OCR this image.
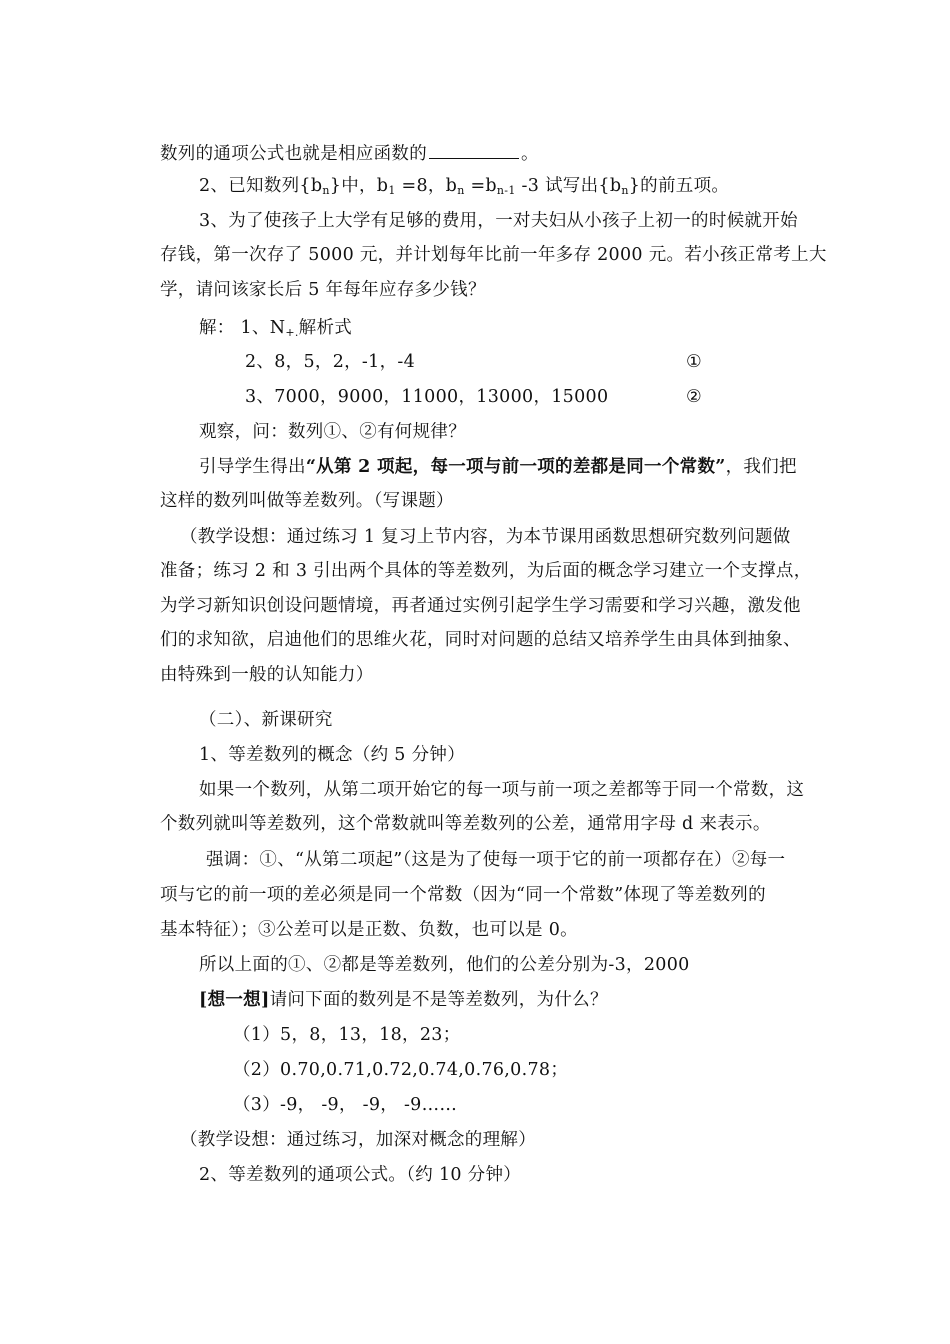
数列的通项公式也就是相应函数的	。
2、已知数列$\{b_n\}$中，$b_1 =8$，$b_n =b_{n-1}$ -3 试写出$\{b_n\}$的前五项。
3、为了使孩子上大学有足够的费用，一对夫妇从小孩子上初一的时候就开始
存钱，第一次存了 5000 元，并计划每年比前一年多存 2000 元。若小孩正常考上大
学，请问该家长后 5 年每年应存多少钱？
解： 1、$N_{+.}$解析式
2、8，5，2，-1，-4	①
3、7000，9000，11000，13000，15000	②
观察，问：数列①、②有何规律？
引导学生得出“从第 2 项起，每一项与前一项的差都是同一个常数”，我们把
这样的数列叫做等差数列。（写课题）
（教学设想：通过练习 1 复习上节内容，为本节课用函数思想研究数列问题做
准备；练习 2 和 3 引出两个具体的等差数列，为后面的概念学习建立一个支撑点，
为学习新知识创设问题情境，再者通过实例引起学生学习需要和学习兴趣，激发他
们的求知欲，启迪他们的思维火花，同时对问题的总结又培养学生由具体到抽象、
由特殊到一般的认知能力）
（二）、新课研究
1、等差数列的概念（约 5 分钟）
如果一个数列，从第二项开始它的每一项与前一项之差都等于同一个常数，这
个数列就叫等差数列，这个常数就叫等差数列的公差，通常用字母 d 来表示。
强调：①、“从第二项起”（这是为了使每一项于它的前一项都存在）②每一
项与它的前一项的差必须是同一个常数（因为“同一个常数”体现了等差数列的
基本特征）；③公差可以是正数、负数，也可以是 0。
所以上面的①、②都是等差数列，他们的公差分别为-3，2000
[想一想]请问下面的数列是不是等差数列，为什么？
（1）5，8，13，18，23；
（2）0.70,0.71,0.72,0.74,0.76,0.78；
（3）-9， -9， -9， -9……
（教学设想：通过练习，加深对概念的理解）
2、等差数列的通项公式。（约 10 分钟）
